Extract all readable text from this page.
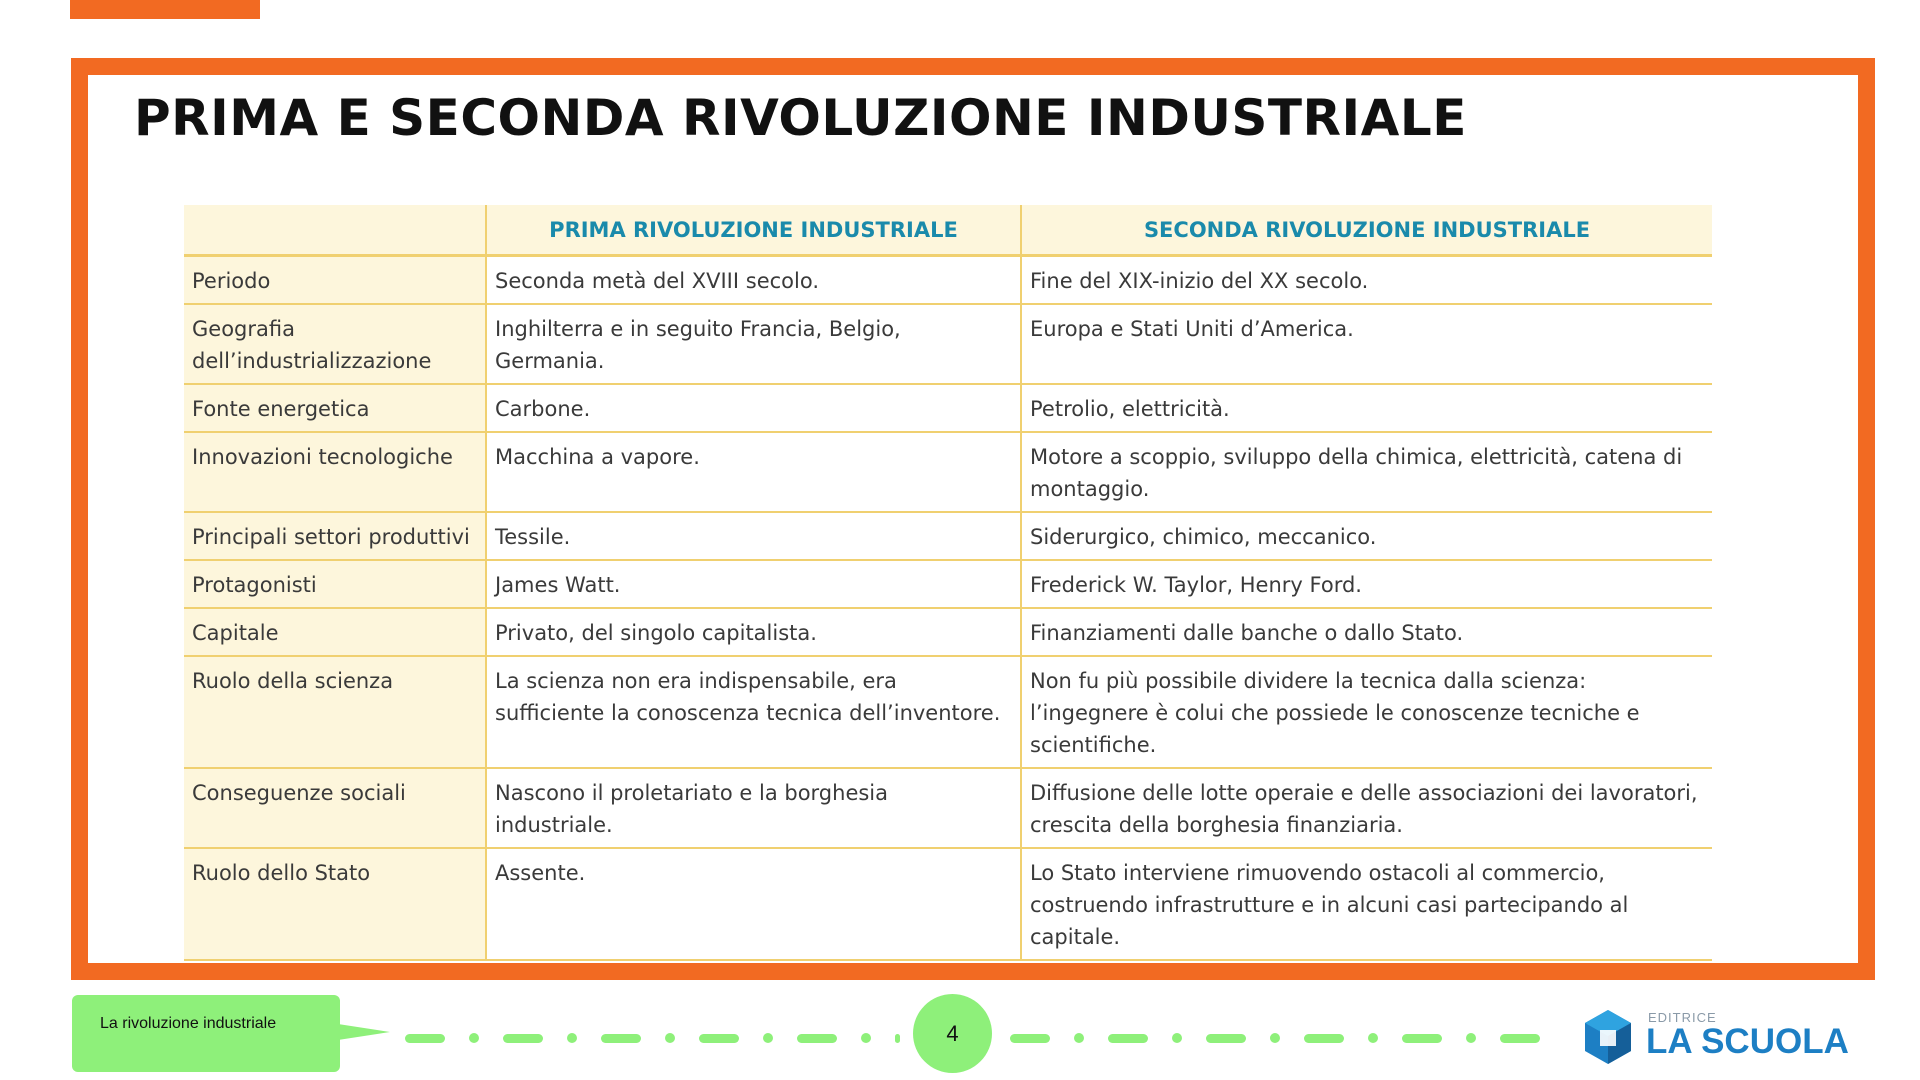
PRIMA E SECONDA RIVOLUZIONE INDUSTRIALE
	PRIMA RIVOLUZIONE INDUSTRIALE	SECONDA RIVOLUZIONE INDUSTRIALE
Periodo	Seconda metà del XVIII secolo.	Fine del XIX-inizio del XX secolo.
Geografia dell’industrializzazione	Inghilterra e in seguito Francia, Belgio, Germania.	Europa e Stati Uniti d’America.
Fonte energetica	Carbone.	Petrolio, elettricità.
Innovazioni tecnologiche	Macchina a vapore.	Motore a scoppio, sviluppo della chimica, elettricità, catena di montaggio.
Principali settori produttivi	Tessile.	Siderurgico, chimico, meccanico.
Protagonisti	James Watt.	Frederick W. Taylor, Henry Ford.
Capitale	Privato, del singolo capitalista.	Finanziamenti dalle banche o dallo Stato.
Ruolo della scienza	La scienza non era indispensabile, era sufficiente la conoscenza tecnica dell’inventore.	Non fu più possibile dividere la tecnica dalla scienza: l’ingegnere è colui che possiede le conoscenze tecniche e scientifiche.
Conseguenze sociali	Nascono il proletariato e la borghesia industriale.	Diffusione delle lotte operaie e delle associazioni dei lavoratori, crescita della borghesia finanziaria.
Ruolo dello Stato	Assente.	Lo Stato interviene rimuovendo ostacoli al commercio, costruendo infrastrutture e in alcuni casi partecipando al capitale.
La rivoluzione industriale	4
EDITRICE
LA SCUOLA
